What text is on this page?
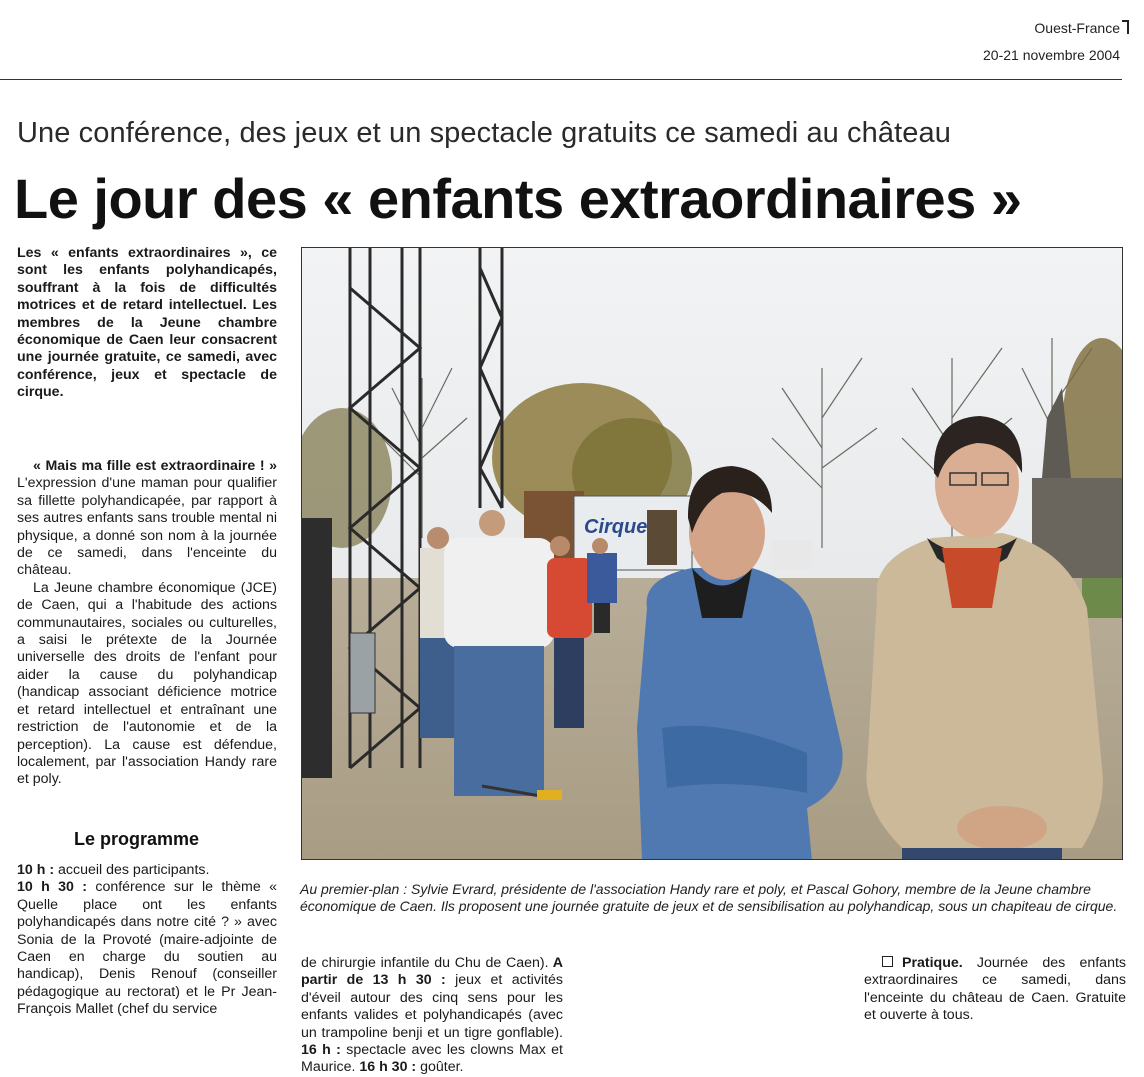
Ouest-France
20-21 novembre 2004
Une conférence, des jeux et un spectacle gratuits ce samedi au château
Le jour des « enfants extraordinaires »
Les « enfants extraordinaires », ce sont les enfants polyhandicapés, souffrant à la fois de difficultés motrices et de retard intellectuel. Les membres de la Jeune chambre économique de Caen leur consacrent une journée gratuite, ce samedi, avec conférence, jeux et spectacle de cirque.

« Mais ma fille est extraordinaire ! » L'expression d'une maman pour qualifier sa fillette polyhandicapée, par rapport à ses autres enfants sans trouble mental ni physique, a donné son nom à la journée de ce samedi, dans l'enceinte du château.

La Jeune chambre économique (JCE) de Caen, qui a l'habitude des actions communautaires, sociales ou culturelles, a saisi le prétexte de la Journée universelle des droits de l'enfant pour aider la cause du polyhandicap (handicap associant déficience motrice et retard intellectuel et entraînant une restriction de l'autonomie et de la perception). La cause est défendue, localement, par l'association Handy rare et poly.

Le programme

10 h : accueil des participants.

10 h 30 : conférence sur le thème « Quelle place ont les enfants polyhandicapés dans notre cité ? » avec Sonia de la Provoté (maire-adjointe de Caen en charge du soutien au handicap), Denis Renouf (conseiller pédagogique au rectorat) et le Pr Jean-François Mallet (chef du service

Cirque
Au premier-plan : Sylvie Evrard, présidente de l'association Handy rare et poly, et Pascal Gohory, membre de la Jeune chambre économique de Caen. Ils proposent une journée gratuite de jeux et de sensibilisation au polyhandicap, sous un chapiteau de cirque.

de chirurgie infantile du Chu de Caen). A partir de 13 h 30 : jeux et activités d'éveil autour des cinq sens pour les enfants valides et polyhandicapés (avec un trampoline benji et un tigre gonflable). 16 h : spectacle avec les clowns Max et Maurice. 16 h 30 : goûter.

Pratique. Journée des enfants extraordinaires ce samedi, dans l'enceinte du château de Caen. Gratuite et ouverte à tous.
